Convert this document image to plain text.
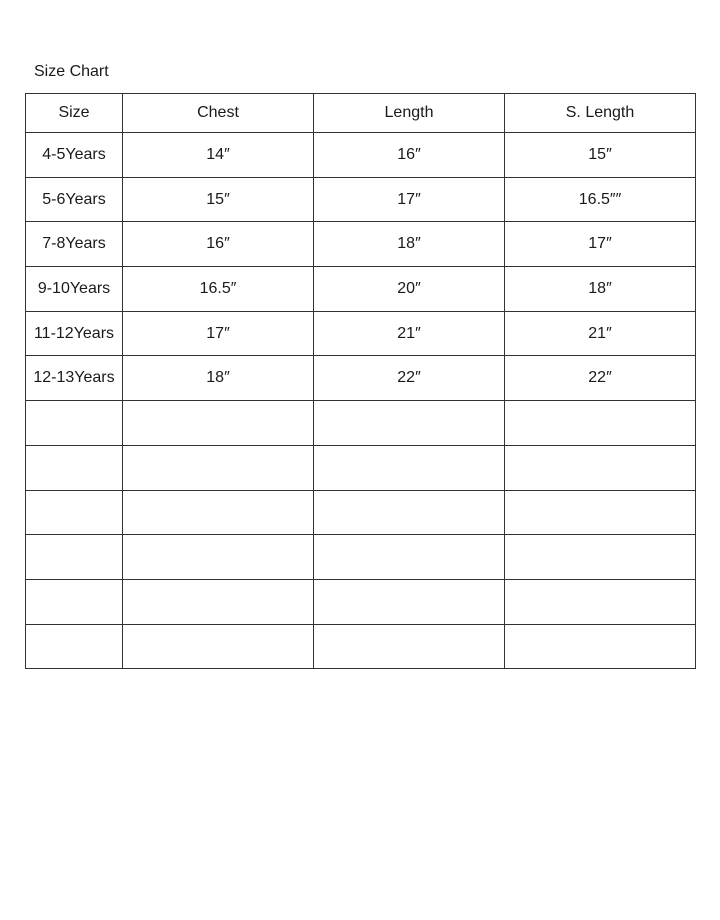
Size Chart
Size	Chest	Length	S. Length
4-5Years	14″	16″	15″
5-6Years	15″	17″	16.5″″
7-8Years	16″	18″	17″
9-10Years	16.5″	20″	18″
11-12Years	17″	21″	21″
12-13Years	18″	22″	22″
